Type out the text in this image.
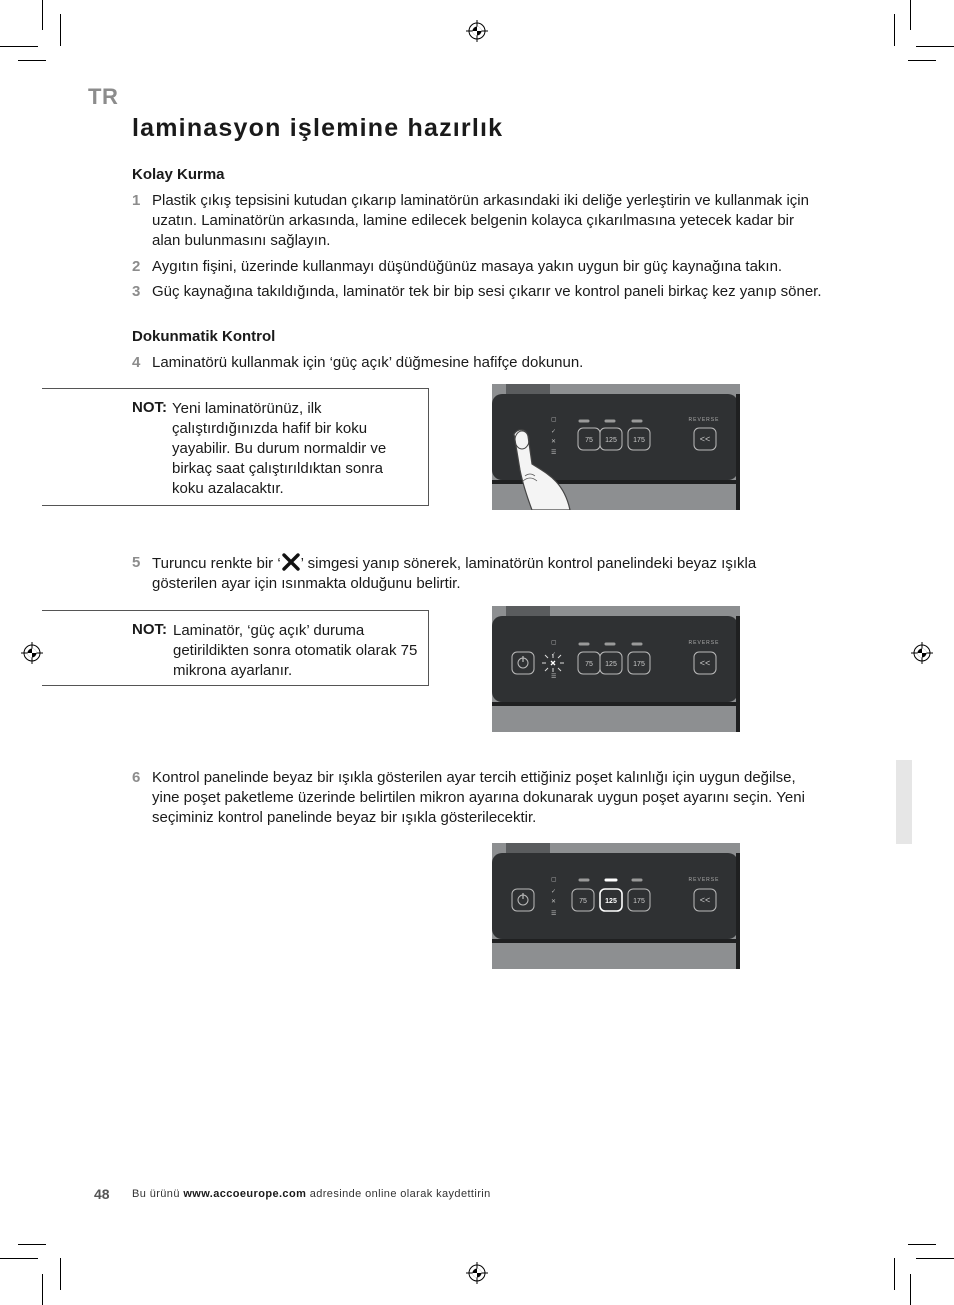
TR
laminasyon işlemine hazırlık
Kolay Kurma
1 Plastik çıkış tepsisini kutudan çıkarıp laminatörün arkasındaki iki deliğe yerleştirin ve kullanmak için uzatın. Laminatörün arkasında, lamine edilecek belgenin kolayca çıkarılmasına yetecek kadar bir alan bulunmasını sağlayın.
2 Aygıtın fişini, üzerinde kullanmayı düşündüğünüz masaya yakın uygun bir güç kaynağına takın.
3 Güç kaynağına takıldığında, laminatör tek bir bip sesi çıkarır ve kontrol paneli birkaç kez yanıp söner.
Dokunmatik Kontrol
4 Laminatörü kullanmak için ‘güç açık’ düğmesine hafifçe dokunun.
NOT: Yeni laminatörünüz, ilk çalıştırdığınızda hafif bir koku yayabilir. Bu durum normaldir ve birkaç saat çalıştırıldıktan sonra koku azalacaktır.
75 125 175
REVERSE
<<
▢
✓
✕
☰
5 Turuncu renkte bir ‘ ’ simgesi yanıp sönerek, laminatörün kontrol panelindeki beyaz ışıkla gösterilen ayar için ısınmakta olduğunu belirtir.
NOT: Laminatör, ‘güç açık’ duruma getirildikten sonra otomatik olarak 75 mikrona ayarlanır.	75 125 175
REVERSE
<<
▢
✓
☰
6 Kontrol panelinde beyaz bir ışıkla gösterilen ayar tercih ettiğiniz poşet kalınlığı için uygun değilse, yine poşet paketleme üzerinde belirtilen mikron ayarına dokunarak uygun poşet ayarını seçin. Yeni seçiminiz kontrol panelinde beyaz bir ışıkla gösterilecektir.
75	125 175
REVERSE
<<
▢
✓
✕
☰
48 Bu ürünü www.accoeurope.com adresinde online olarak kaydettirin
